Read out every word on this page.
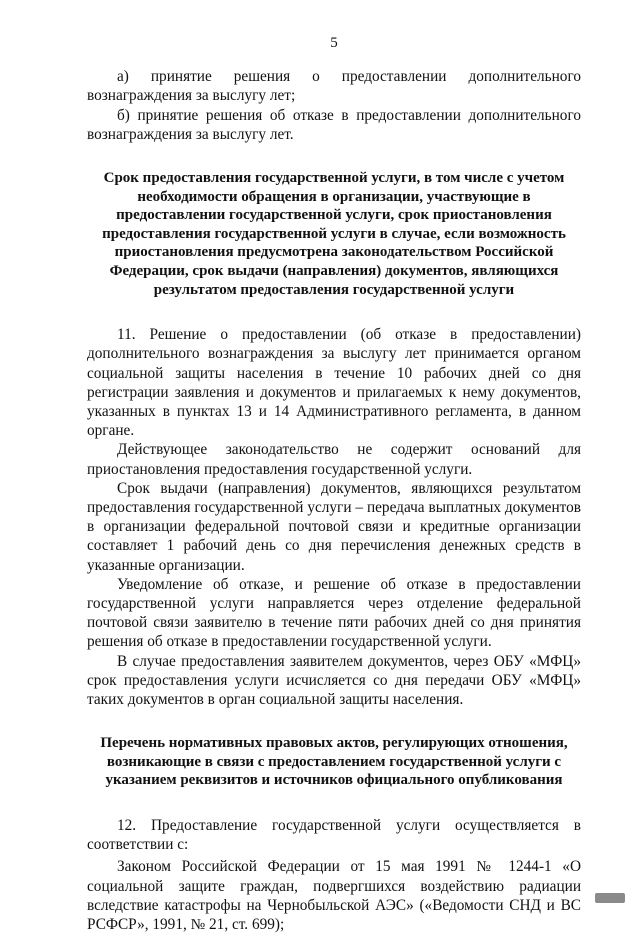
5

а) принятие решения о предоставлении дополнительного вознаграждения за выслугу лет;

б) принятие решения об отказе в предоставлении дополнительного вознаграждения за выслугу лет.

Срок предоставления государственной услуги, в том числе с учетом необходимости обращения в организации, участвующие в предоставлении государственной услуги, срок приостановления предоставления государственной услуги в случае, если возможность приостановления предусмотрена законодательством Российской Федерации, срок выдачи (направления) документов, являющихся результатом предоставления государственной услуги

11. Решение о предоставлении (об отказе в предоставлении) дополнительного вознаграждения за выслугу лет принимается органом социальной защиты населения в течение 10 рабочих дней со дня регистрации заявления и документов и прилагаемых к нему документов, указанных в пунктах 13 и 14 Административного регламента, в данном органе.

Действующее законодательство не содержит оснований для приостановления предоставления государственной услуги.

Срок выдачи (направления) документов, являющихся результатом предоставления государственной услуги – передача выплатных документов в организации федеральной почтовой связи и кредитные организации составляет 1 рабочий день со дня перечисления денежных средств в указанные организации.

Уведомление об отказе, и решение об отказе в предоставлении государственной услуги направляется через отделение федеральной почтовой связи заявителю в течение пяти рабочих дней со дня принятия решения об отказе в предоставлении государственной услуги.

В случае предоставления заявителем документов, через ОБУ «МФЦ» срок предоставления услуги исчисляется со дня передачи ОБУ «МФЦ» таких документов в орган социальной защиты населения.

Перечень нормативных правовых актов, регулирующих отношения, возникающие в связи с предоставлением государственной услуги с указанием реквизитов и источников официального опубликования

12. Предоставление государственной услуги осуществляется в соответствии с:

Законом Российской Федерации от 15 мая 1991 № 1244-1 «О социальной защите граждан, подвергшихся воздействию радиации вследствие катастрофы на Чернобыльской АЭС» («Ведомости СНД и ВС РСФСР», 1991, № 21, ст. 699);
